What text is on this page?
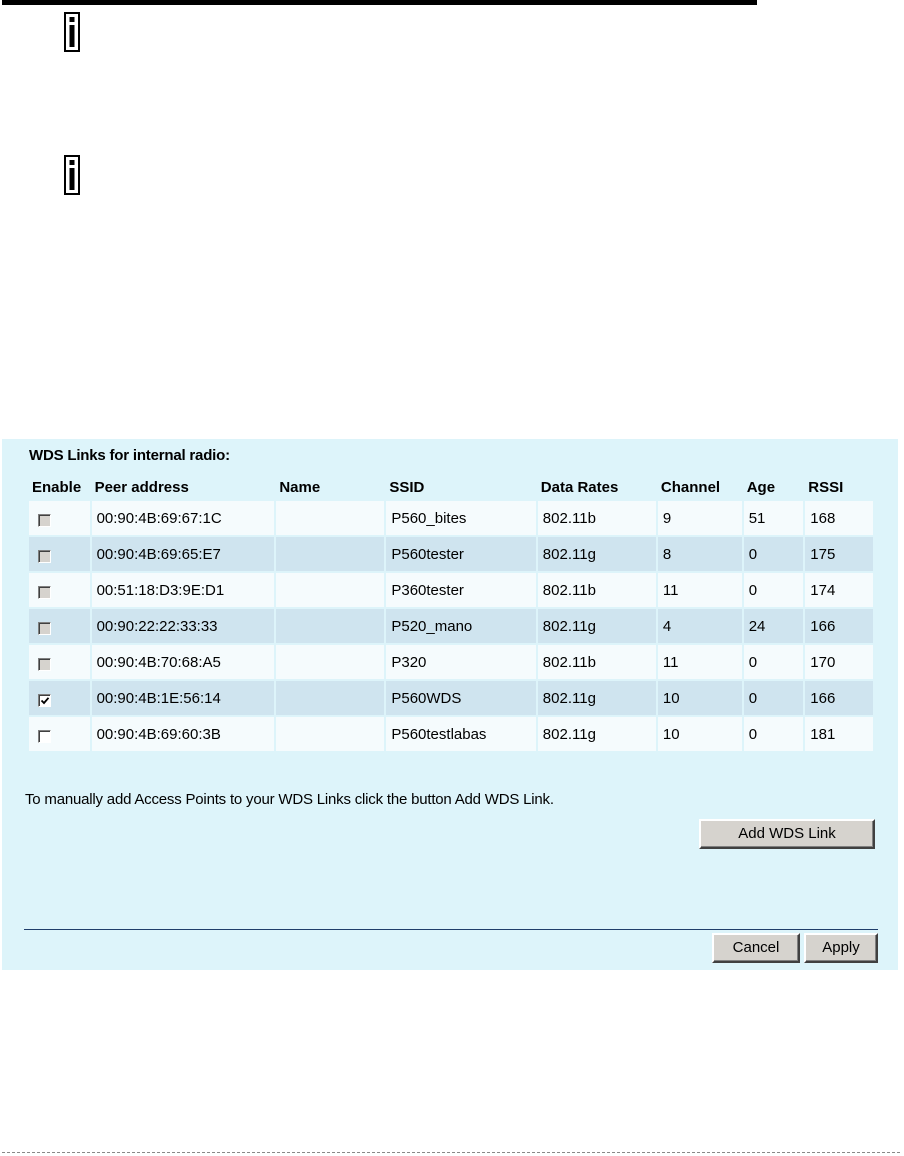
WDS Links for internal radio:
Enable	Peer address	Name	SSID	Data Rates	Channel	Age	RSSI
	00:90:4B:69:67:1C		P560_bites	802.11b	9	51	168
	00:90:4B:69:65:E7		P560tester	802.11g	8	0	175
	00:51:18:D3:9E:D1		P360tester	802.11b	11	0	174
	00:90:22:22:33:33		P520_mano	802.11g	4	24	166
	00:90:4B:70:68:A5		P320	802.11b	11	0	170

	00:90:4B:1E:56:14		P560WDS	802.11g	10	0	166
	00:90:4B:69:60:3B		P560testlabas	802.11g	10	0	181
To manually add Access Points to your WDS Links click the button Add WDS Link.
Add WDS Link
Cancel	Apply
